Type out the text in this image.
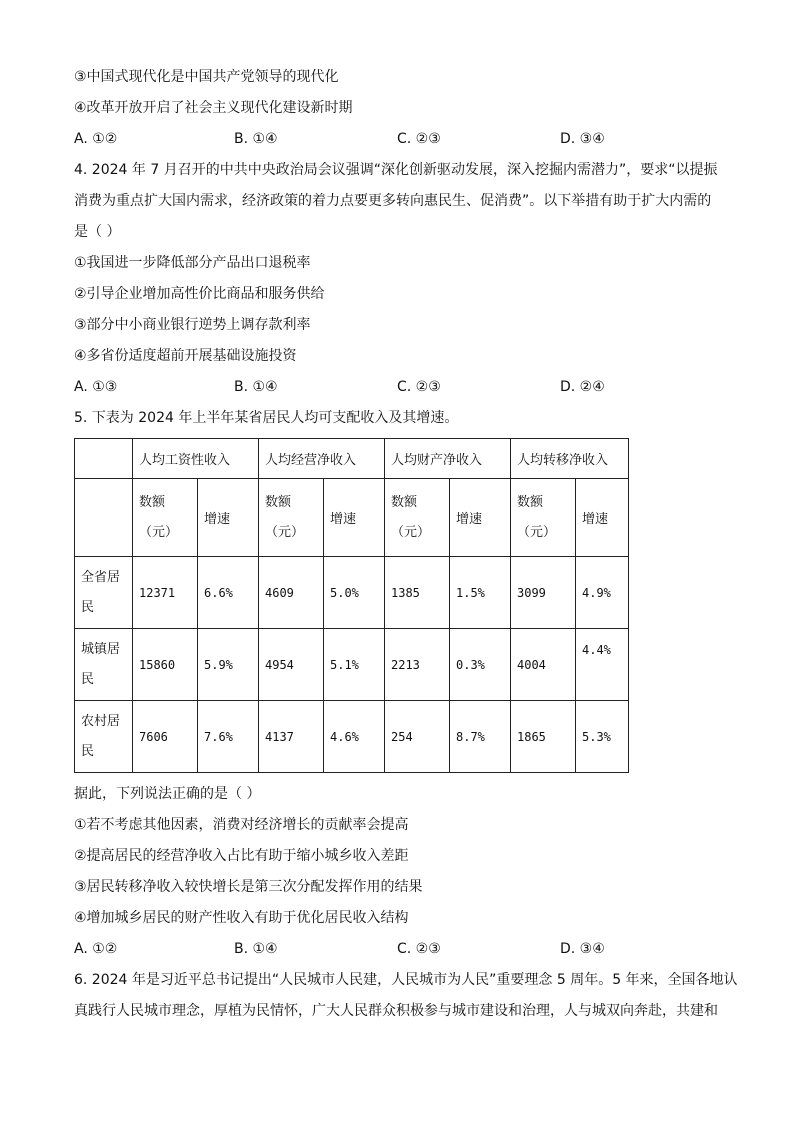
③中国式现代化是中国共产党领导的现代化
④改革开放开启了社会主义现代化建设新时期
A. ①②	B. ①④	C. ②③	D. ③④
4. 2024 年 7 月召开的中共中央政治局会议强调“深化创新驱动发展，深入挖掘内需潜力”，要求“以提振
消费为重点扩大国内需求，经济政策的着力点要更多转向惠民生、促消费”。以下举措有助于扩大内需的
是（ ）
①我国进一步降低部分产品出口退税率
②引导企业增加高性价比商品和服务供给
③部分中小商业银行逆势上调存款利率
④多省份适度超前开展基础设施投资
A. ①③	B. ①④	C. ②③	D. ②④
5. 下表为 2024 年上半年某省居民人均可支配收入及其增速。
	人均工资性收入		人均经营净收入		人均财产净收入		人均转移净收入	
	数额
（元）	增速	数额
（元）	增速	数额
（元）	增速	数额
（元）	增速
全省居
民	12371	6.6%	4609	5.0%	1385	1.5%	3099	4.9%
城镇居
民	15860	5.9%	4954	5.1%	2213	0.3%	4004	4.4%
农村居
民	7606	7.6%	4137	4.6%	254	8.7%	1865	5.3%
据此，下列说法正确的是（ ）
①若不考虑其他因素，消费对经济增长的贡献率会提高
②提高居民的经营净收入占比有助于缩小城乡收入差距
③居民转移净收入较快增长是第三次分配发挥作用的结果
④增加城乡居民的财产性收入有助于优化居民收入结构
A. ①②	B. ①④	C. ②③	D. ③④
6. 2024 年是习近平总书记提出“人民城市人民建，人民城市为人民”重要理念 5 周年。5 年来，全国各地认
真践行人民城市理念，厚植为民情怀，广大人民群众积极参与城市建设和治理，人与城双向奔赴，共建和
